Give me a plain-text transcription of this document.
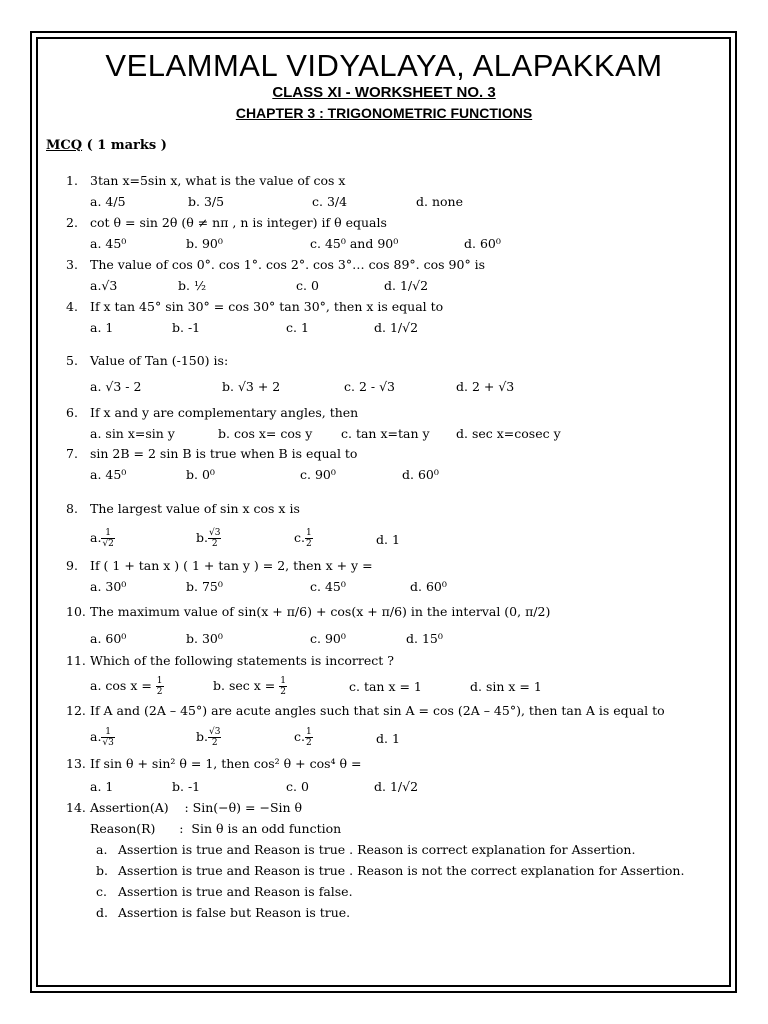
VELAMMAL VIDYALAYA, ALAPAKKAM
CLASS XI - WORKSHEET NO. 3
CHAPTER 3 : TRIGONOMETRIC FUNCTIONS
MCQ ( 1 marks )
1. 3tan x=5sin x, what is the value of cos x
a. 4/5	b. 3/5	c. 3/4	d. none
2. cot θ = sin 2θ (θ ≠ nπ , n is integer) if θ equals
a. 45⁰	b. 90⁰	c. 45⁰ and 90⁰	d. 60⁰
3. The value of cos 0°. cos 1°. cos 2°. cos 3°… cos 89°. cos 90° is
a.√3	b. ½	c. 0	d. 1/√2
4. If x tan 45° sin 30° = cos 30° tan 30°, then x is equal to
a. 1	b. -1	c. 1	d. 1/√2
5. Value of Tan (-150) is:
a. √3 - 2	b. √3 + 2	c. 2 - √3	d. 2 + √3
6. If x and y are complementary angles, then
a. sin x=sin y	b. cos x= cos y c. tan x=tan y d. sec x=cosec y
7. sin 2B = 2 sin B is true when B is equal to
a. 45⁰	b. 0⁰	c. 90⁰	d. 60⁰
8. The largest value of sin x cos x is
a. $\frac{1}{√2}$	b. $\frac{√3}{2}$	c. $\frac{1}{2}$	d. 1
9. If ( 1 + tan x ) ( 1 + tan y ) = 2, then x + y =
a. 30⁰	b. 75⁰	c. 45⁰	d. 60⁰
10. The maximum value of sin(x + π/6) + cos(x + π/6) in the interval (0, π/2)
a. 60⁰	b. 30⁰	c. 90⁰	d. 15⁰
11. Which of the following statements is incorrect ?
a. $\cos x = \frac{1}{2}$	b. $\sec x = \frac{1}{2}$	c. tan x = 1	d. sin x = 1
12. If A and (2A – 45°) are acute angles such that sin A = cos (2A – 45°), then tan A is equal to
a. $\frac{1}{√3}$	b. $\frac{√3}{2}$	c. $\frac{1}{2}$	d. 1
13. If sin θ + sin² θ = 1, then cos² θ + cos⁴ θ =
a. 1	b. -1	c. 0	d. 1/√2
14. Assertion(A)    : Sin(−θ) = −Sin θ
Reason(R)      :  Sin θ is an odd function
a. Assertion is true and Reason is true . Reason is correct explanation for Assertion.
b. Assertion is true and Reason is true . Reason is not the correct explanation for Assertion.
c. Assertion is true and Reason is false.
d. Assertion is false but Reason is true.
